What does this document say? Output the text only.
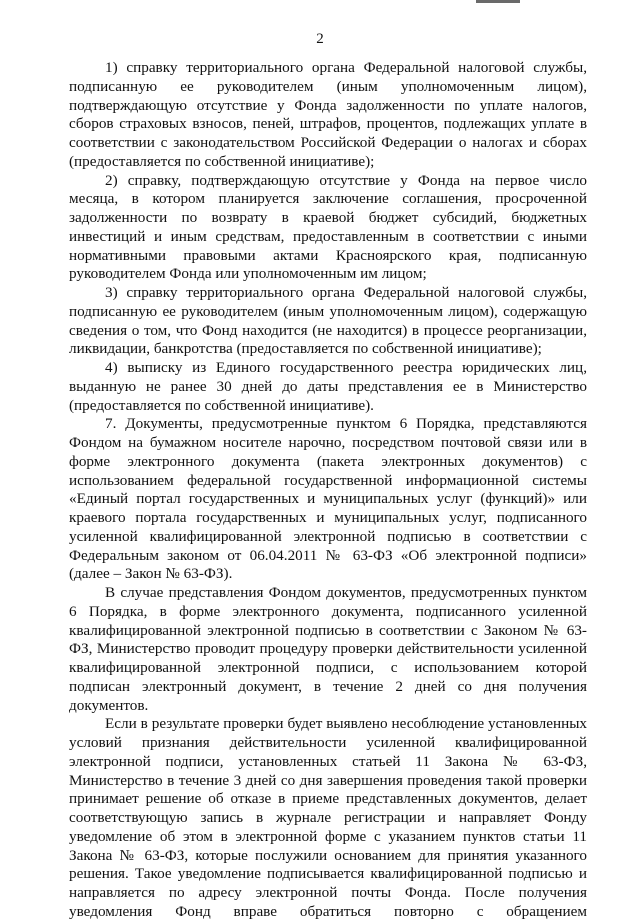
2

1) справку территориального органа Федеральной налоговой службы, подписанную ее руководителем (иным уполномоченным лицом), подтверждающую отсутствие у Фонда задолженности по уплате налогов, сборов страховых взносов, пеней, штрафов, процентов, подлежащих уплате в соответствии с законодательством Российской Федерации о налогах и сборах (предоставляется по собственной инициативе);

2) справку, подтверждающую отсутствие у Фонда на первое число месяца, в котором планируется заключение соглашения, просроченной задолженности по возврату в краевой бюджет субсидий, бюджетных инвестиций и иным средствам, предоставленным в соответствии с иными нормативными правовыми актами Красноярского края, подписанную руководителем Фонда или уполномоченным им лицом;

3) справку территориального органа Федеральной налоговой службы, подписанную ее руководителем (иным уполномоченным лицом), содержащую сведения о том, что Фонд находится (не находится) в процессе реорганизации, ликвидации, банкротства (предоставляется по собственной инициативе);

4) выписку из Единого государственного реестра юридических лиц, выданную не ранее 30 дней до даты представления ее в Министерство (предоставляется по собственной инициативе).

7. Документы, предусмотренные пунктом 6 Порядка, представляются Фондом на бумажном носителе нарочно, посредством почтовой связи или в форме электронного документа (пакета электронных документов) с использованием федеральной государственной информационной системы «Единый портал государственных и муниципальных услуг (функций)» или краевого портала государственных и муниципальных услуг, подписанного усиленной квалифицированной электронной подписью в соответствии с Федеральным законом от 06.04.2011 № 63-ФЗ «Об электронной подписи» (далее – Закон № 63-ФЗ).

В случае представления Фондом документов, предусмотренных пунктом 6 Порядка, в форме электронного документа, подписанного усиленной квалифицированной электронной подписью в соответствии с Законом № 63-ФЗ, Министерство проводит процедуру проверки действительности усиленной квалифицированной электронной подписи, с использованием которой подписан электронный документ, в течение 2 дней со дня получения документов.

Если в результате проверки будет выявлено несоблюдение установленных условий признания действительности усиленной квалифицированной электронной подписи, установленных статьей 11 Закона № 63-ФЗ, Министерство в течение 3 дней со дня завершения проведения такой проверки принимает решение об отказе в приеме представленных документов, делает соответствующую запись в журнале регистрации и направляет Фонду уведомление об этом в электронной форме с указанием пунктов статьи 11 Закона № 63-ФЗ, которые послужили основанием для принятия указанного решения. Такое уведомление подписывается квалифицированной подписью и направляется по адресу электронной почты Фонда. После получения уведомления Фонд вправе обратиться повторно с обращением
